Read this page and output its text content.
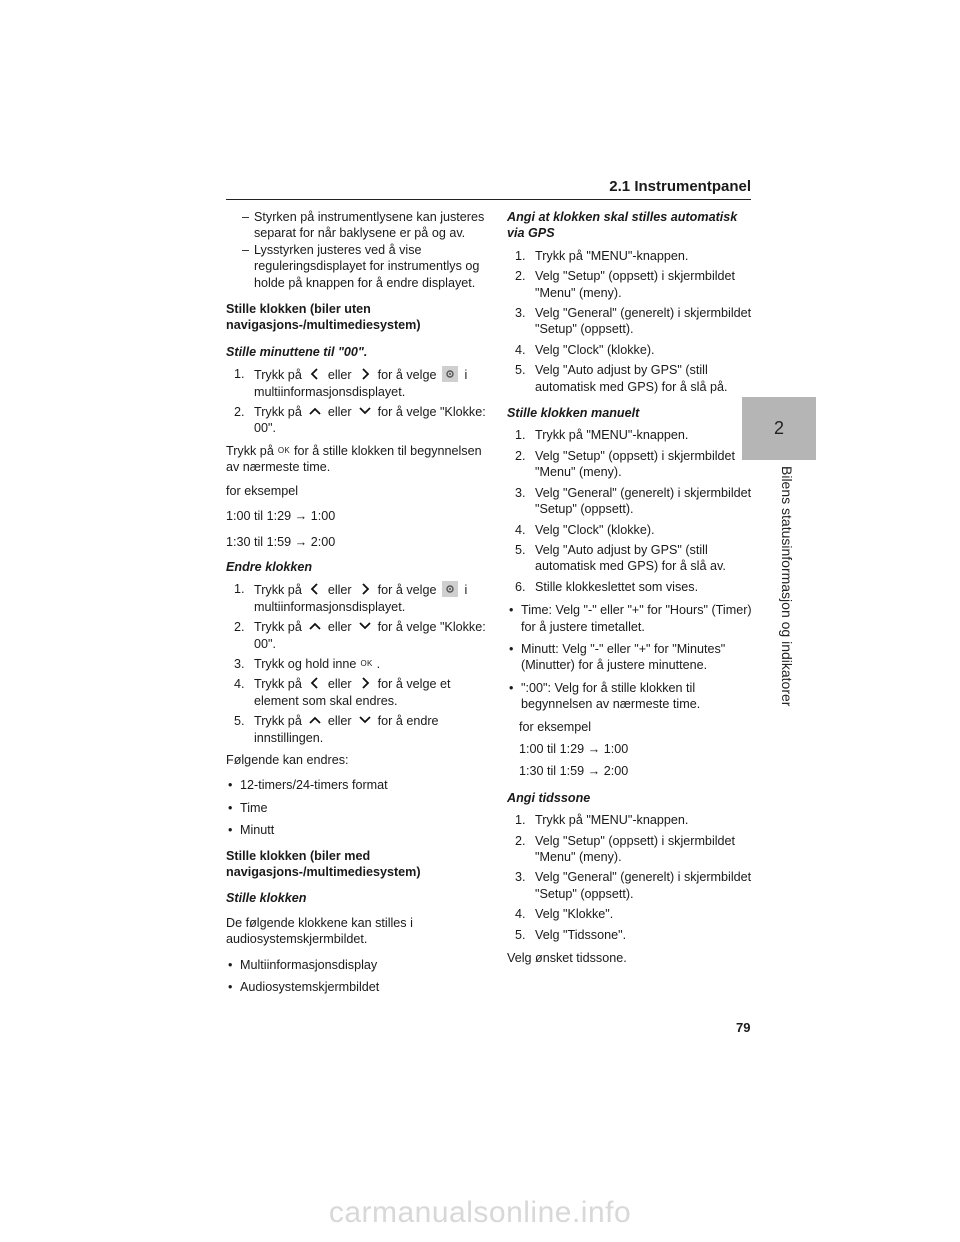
2.1 Instrumentpanel
– Styrken på instrumentlysene kan justeres separat for når baklysene er på og av.
– Lysstyrken justeres ved å vise reguleringsdisplayet for instrumentlys og holde på knappen for å endre displayet.
Stille klokken (biler uten navigasjons-/multimediesystem)
Stille minuttene til "00".
1. Trykk på eller for å velge i multiinformasjonsdisplayet.
2. Trykk på eller for å velge "Klokke: 00".
Trykk på OK for å stille klokken til begynnelsen av nærmeste time.
for eksempel
1:00 til 1:29 → 1:00
1:30 til 1:59 → 2:00
Endre klokken
1. Trykk på eller for å velge i multiinformasjonsdisplayet.
2. Trykk på eller for å velge "Klokke: 00".
3. Trykk og hold inne OK .
4. Trykk på eller for å velge et element som skal endres.
5. Trykk på eller for å endre innstillingen.
Følgende kan endres:
• 12-timers/24-timers format
• Time
• Minutt
Stille klokken (biler med navigasjons-/multimediesystem)
Stille klokken
De følgende klokkene kan stilles i audiosystemskjermbildet.
• Multiinformasjonsdisplay
• Audiosystemskjermbildet
Angi at klokken skal stilles automatisk via GPS
1. Trykk på "MENU"-knappen.
2. Velg "Setup" (oppsett) i skjermbildet "Menu" (meny).
3. Velg "General" (generelt) i skjermbildet "Setup" (oppsett).
4. Velg "Clock" (klokke).
5. Velg "Auto adjust by GPS" (still automatisk med GPS) for å slå på.
Stille klokken manuelt
1. Trykk på "MENU"-knappen.
2. Velg "Setup" (oppsett) i skjermbildet "Menu" (meny).
3. Velg "General" (generelt) i skjermbildet "Setup" (oppsett).
4. Velg "Clock" (klokke).
5. Velg "Auto adjust by GPS" (still automatisk med GPS) for å slå av.
6. Stille klokkeslettet som vises.
• Time: Velg "-" eller "+" for "Hours" (Timer) for å justere timetallet.
• Minutt: Velg "-" eller "+" for "Minutes" (Minutter) for å justere minuttene.
• ":00": Velg for å stille klokken til begynnelsen av nærmeste time.
for eksempel
1:00 til 1:29 → 1:00
1:30 til 1:59 → 2:00
Angi tidssone
1. Trykk på "MENU"-knappen.
2. Velg "Setup" (oppsett) i skjermbildet "Menu" (meny).
3. Velg "General" (generelt) i skjermbildet "Setup" (oppsett).
4. Velg "Klokke".
5. Velg "Tidssone".
Velg ønsket tidssone.
2
Bilens statusinformasjon og indikatorer
79
carmanualsonline.info
